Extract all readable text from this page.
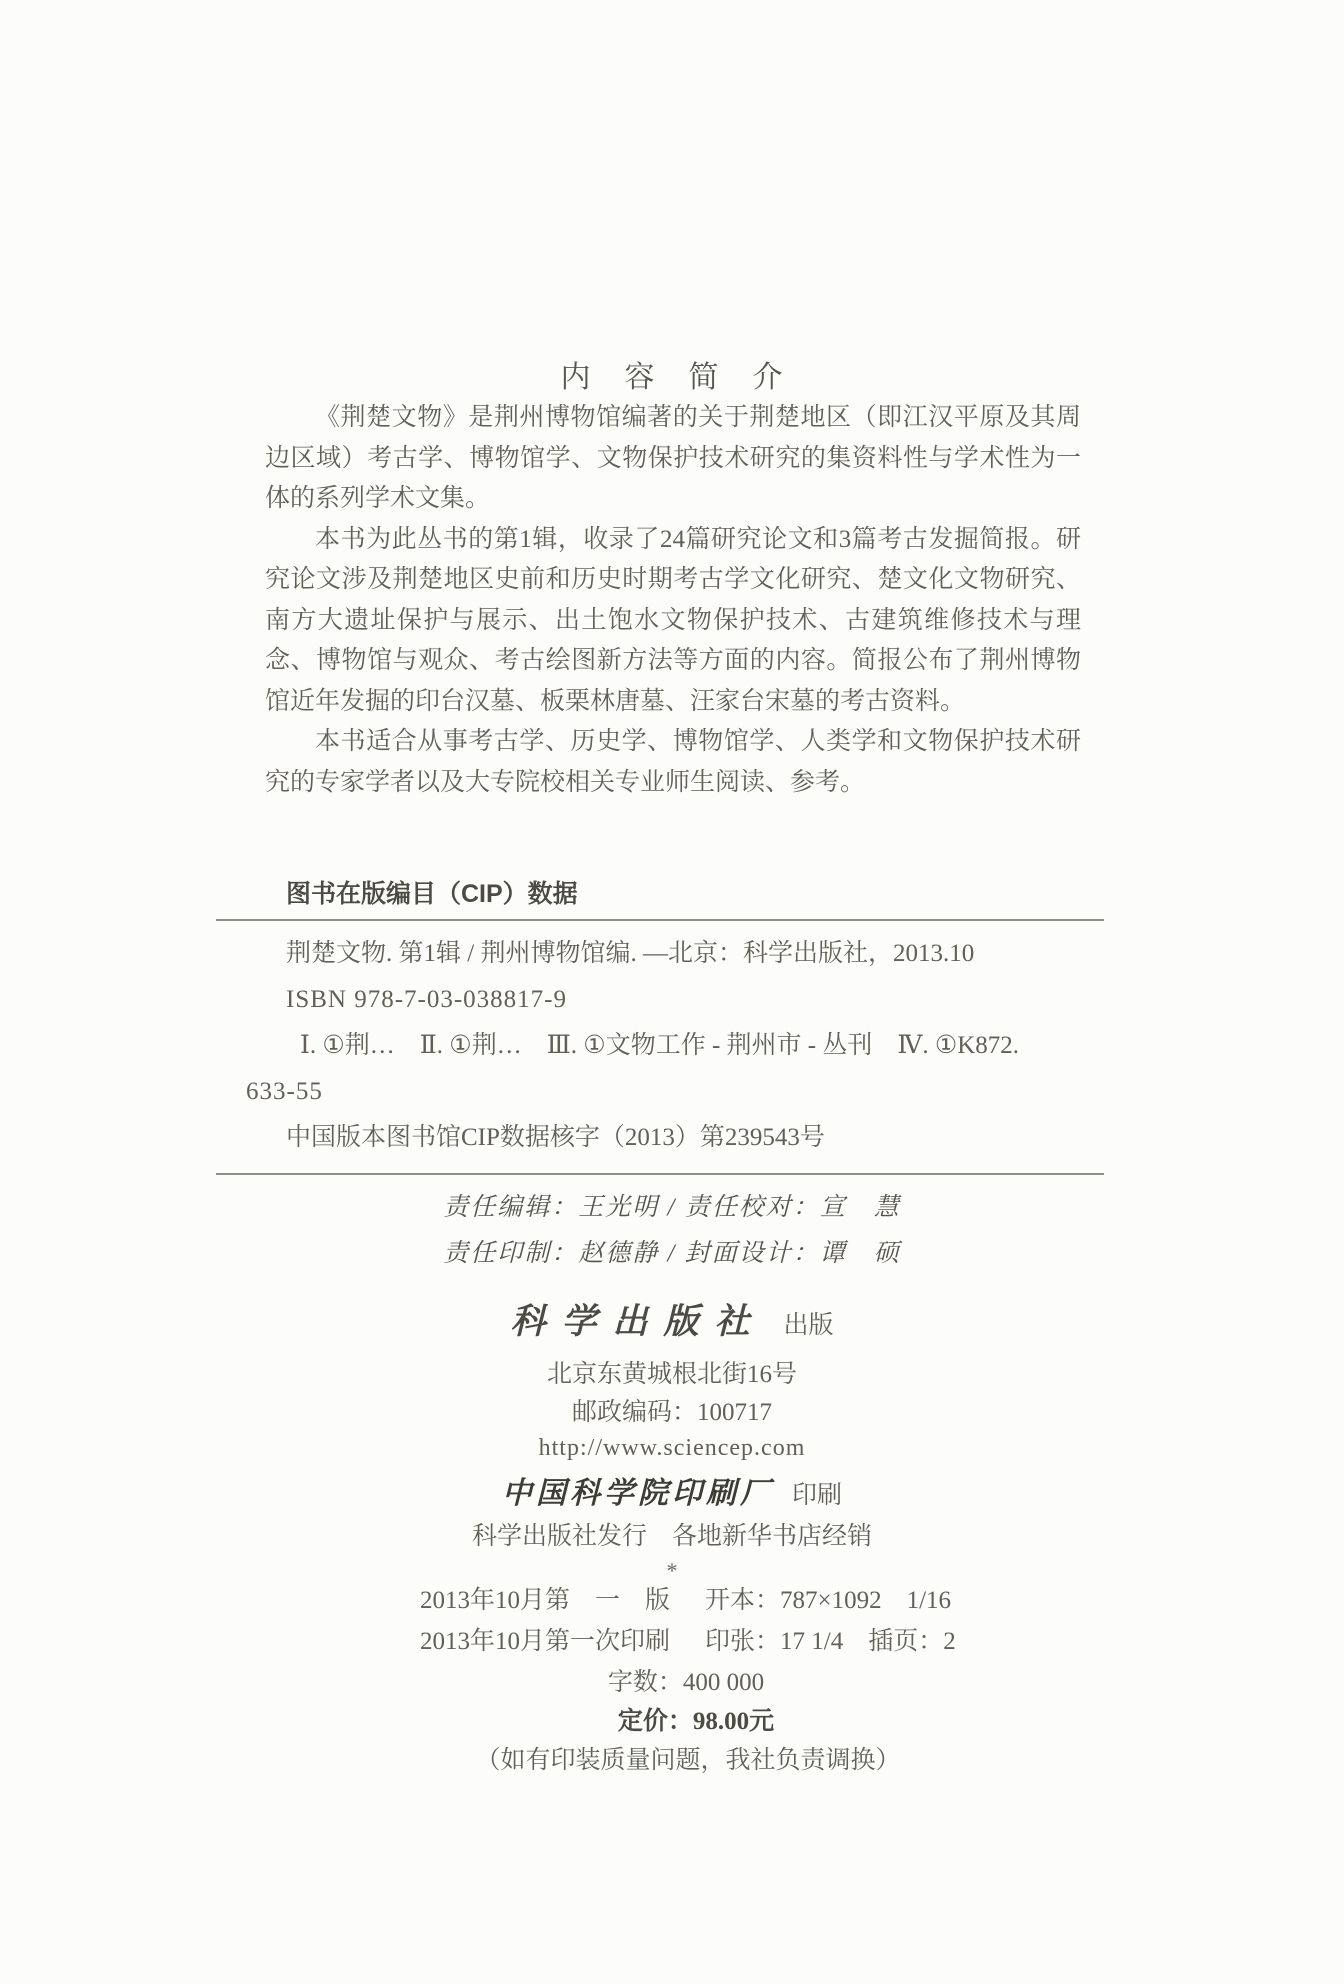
内　容　简　介

《荆楚文物》是荆州博物馆编著的关于荆楚地区（即江汉平原及其周边区域）考古学、博物馆学、文物保护技术研究的集资料性与学术性为一体的系列学术文集。

本书为此丛书的第1辑，收录了24篇研究论文和3篇考古发掘简报。研究论文涉及荆楚地区史前和历史时期考古学文化研究、楚文化文物研究、南方大遗址保护与展示、出土饱水文物保护技术、古建筑维修技术与理念、博物馆与观众、考古绘图新方法等方面的内容。简报公布了荆州博物馆近年发掘的印台汉墓、板栗林唐墓、汪家台宋墓的考古资料。

本书适合从事考古学、历史学、博物馆学、人类学和文物保护技术研究的专家学者以及大专院校相关专业师生阅读、参考。

图书在版编目（CIP）数据

荆楚文物. 第1辑 / 荆州博物馆编. —北京：科学出版社，2013.10

ISBN 978-7-03-038817-9

Ⅰ. ①荆…　Ⅱ. ①荆…　Ⅲ. ①文物工作 - 荆州市 - 丛刊　Ⅳ. ①K872.

633-55

中国版本图书馆CIP数据核字（2013）第239543号

责任编辑：王光明 / 责任校对：宣　慧

责任印制：赵德静 / 封面设计：谭　硕

科学出版社 出版

北京东黄城根北街16号

邮政编码：100717

http://www.sciencep.com

中国科学院印刷厂 印刷

科学出版社发行　各地新华书店经销

*

2013年10月第　一　版	开本：787×1092　1/16
2013年10月第一次印刷	印张：17 1/4　插页：2

字数：400 000

定价：98.00元

（如有印装质量问题，我社负责调换）
